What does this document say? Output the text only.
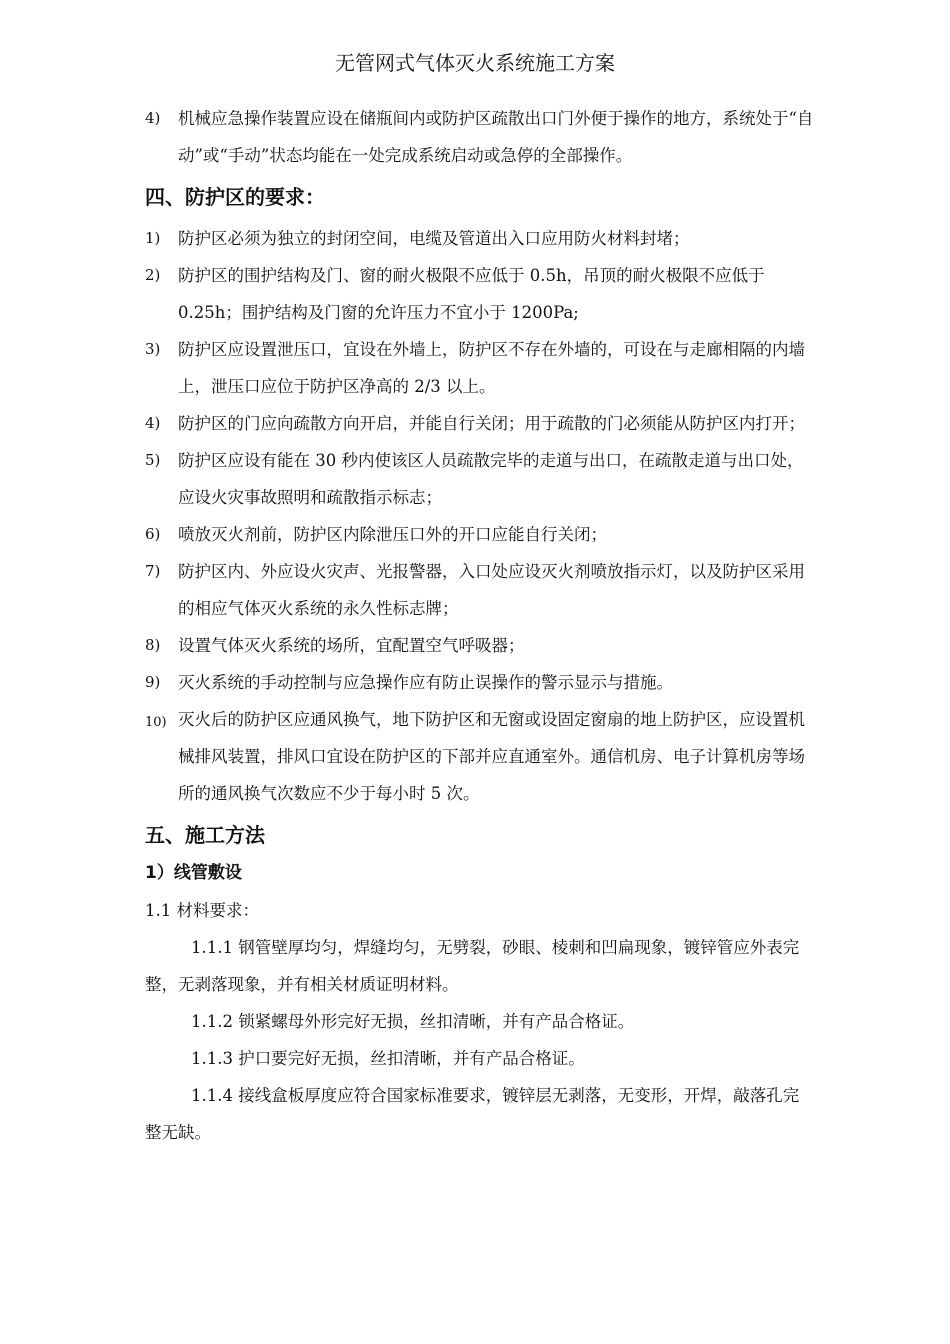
无管网式气体灭火系统施工方案

4) 机械应急操作装置应设在储瓶间内或防护区疏散出口门外便于操作的地方，系统处于“自动”或“手动”状态均能在一处完成系统启动或急停的全部操作。

四、防护区的要求：

1) 防护区必须为独立的封闭空间，电缆及管道出入口应用防火材料封堵；

2) 防护区的围护结构及门、窗的耐火极限不应低于 0.5h，吊顶的耐火极限不应低于 0.25h；围护结构及门窗的允许压力不宜小于 1200Pa;

3) 防护区应设置泄压口，宜设在外墙上，防护区不存在外墙的，可设在与走廊相隔的内墙上，泄压口应位于防护区净高的 2/3 以上。

4) 防护区的门应向疏散方向开启，并能自行关闭；用于疏散的门必须能从防护区内打开；

5) 防护区应设有能在 30 秒内使该区人员疏散完毕的走道与出口，在疏散走道与出口处，应设火灾事故照明和疏散指示标志；

6) 喷放灭火剂前，防护区内除泄压口外的开口应能自行关闭；

7) 防护区内、外应设火灾声、光报警器，入口处应设灭火剂喷放指示灯，以及防护区采用的相应气体灭火系统的永久性标志牌；

8) 设置气体灭火系统的场所，宜配置空气呼吸器；

9) 灭火系统的手动控制与应急操作应有防止误操作的警示显示与措施。

10) 灭火后的防护区应通风换气，地下防护区和无窗或设固定窗扇的地上防护区，应设置机械排风装置，排风口宜设在防护区的下部并应直通室外。通信机房、电子计算机房等场所的通风换气次数应不少于每小时 5 次。

五、施工方法
1）线管敷设

1.1 材料要求：

1.1.1 钢管壁厚均匀，焊缝均匀，无劈裂，砂眼、棱刺和凹扁现象，镀锌管应外表完整，无剥落现象，并有相关材质证明材料。

1.1.2 锁紧螺母外形完好无损，丝扣清晰，并有产品合格证。

1.1.3 护口要完好无损，丝扣清晰，并有产品合格证。

1.1.4 接线盒板厚度应符合国家标准要求，镀锌层无剥落，无变形，开焊，敲落孔完整无缺。
